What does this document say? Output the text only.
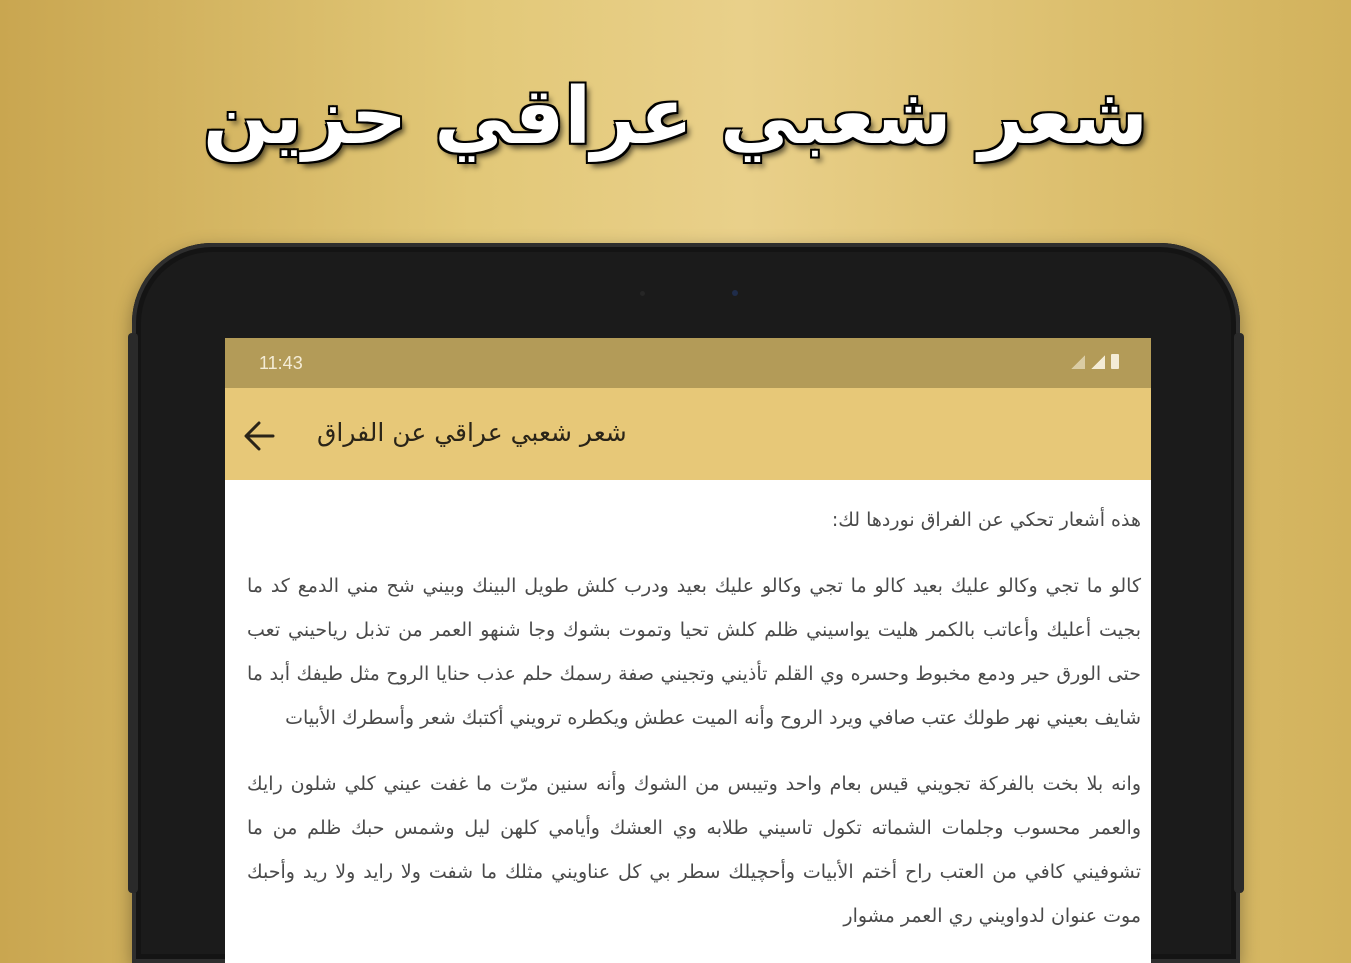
شعر شعبي عراقي حزين
11:43
شعر شعبي عراقي عن الفراق

هذه أشعار تحكي عن الفراق نوردها لك:

كالو ما تجي وكالو عليك بعيد كالو ما تجي وكالو عليك بعيد ودرب كلش طويل البينك وبيني شح مني الدمع كد ما بجيت أعليك وأعاتب بالكمر هليت يواسيني ظلم كلش تحيا وتموت بشوك وجا شنهو العمر من تذبل رياحيني تعب حتى الورق حير ودمع مخبوط وحسره وي القلم تأذيني وتجيني صفة رسمك حلم عذب حنايا الروح مثل طيفك أبد ما شايف بعيني نهر طولك عتب صافي ويرد الروح وأنه الميت عطش ويكطره ترويني أكتبك شعر وأسطرك الأبيات

وانه بلا بخت بالفركة تجويني قيس بعام واحد وتيبس من الشوك وأنه سنين مرّت ما غفت عيني كلي شلون رايك والعمر محسوب وجلمات الشماته تكول تاسيني طلابه وي العشك وأيامي كلهن ليل وشمس حبك ظلم من ما تشوفيني كافي من العتب راح أختم الأبيات وأحچيلك سطر بي كل عناويني مثلك ما شفت ولا رايد ولا ريد وأحبك موت عنوان لدواويني ري العمر مشوار
